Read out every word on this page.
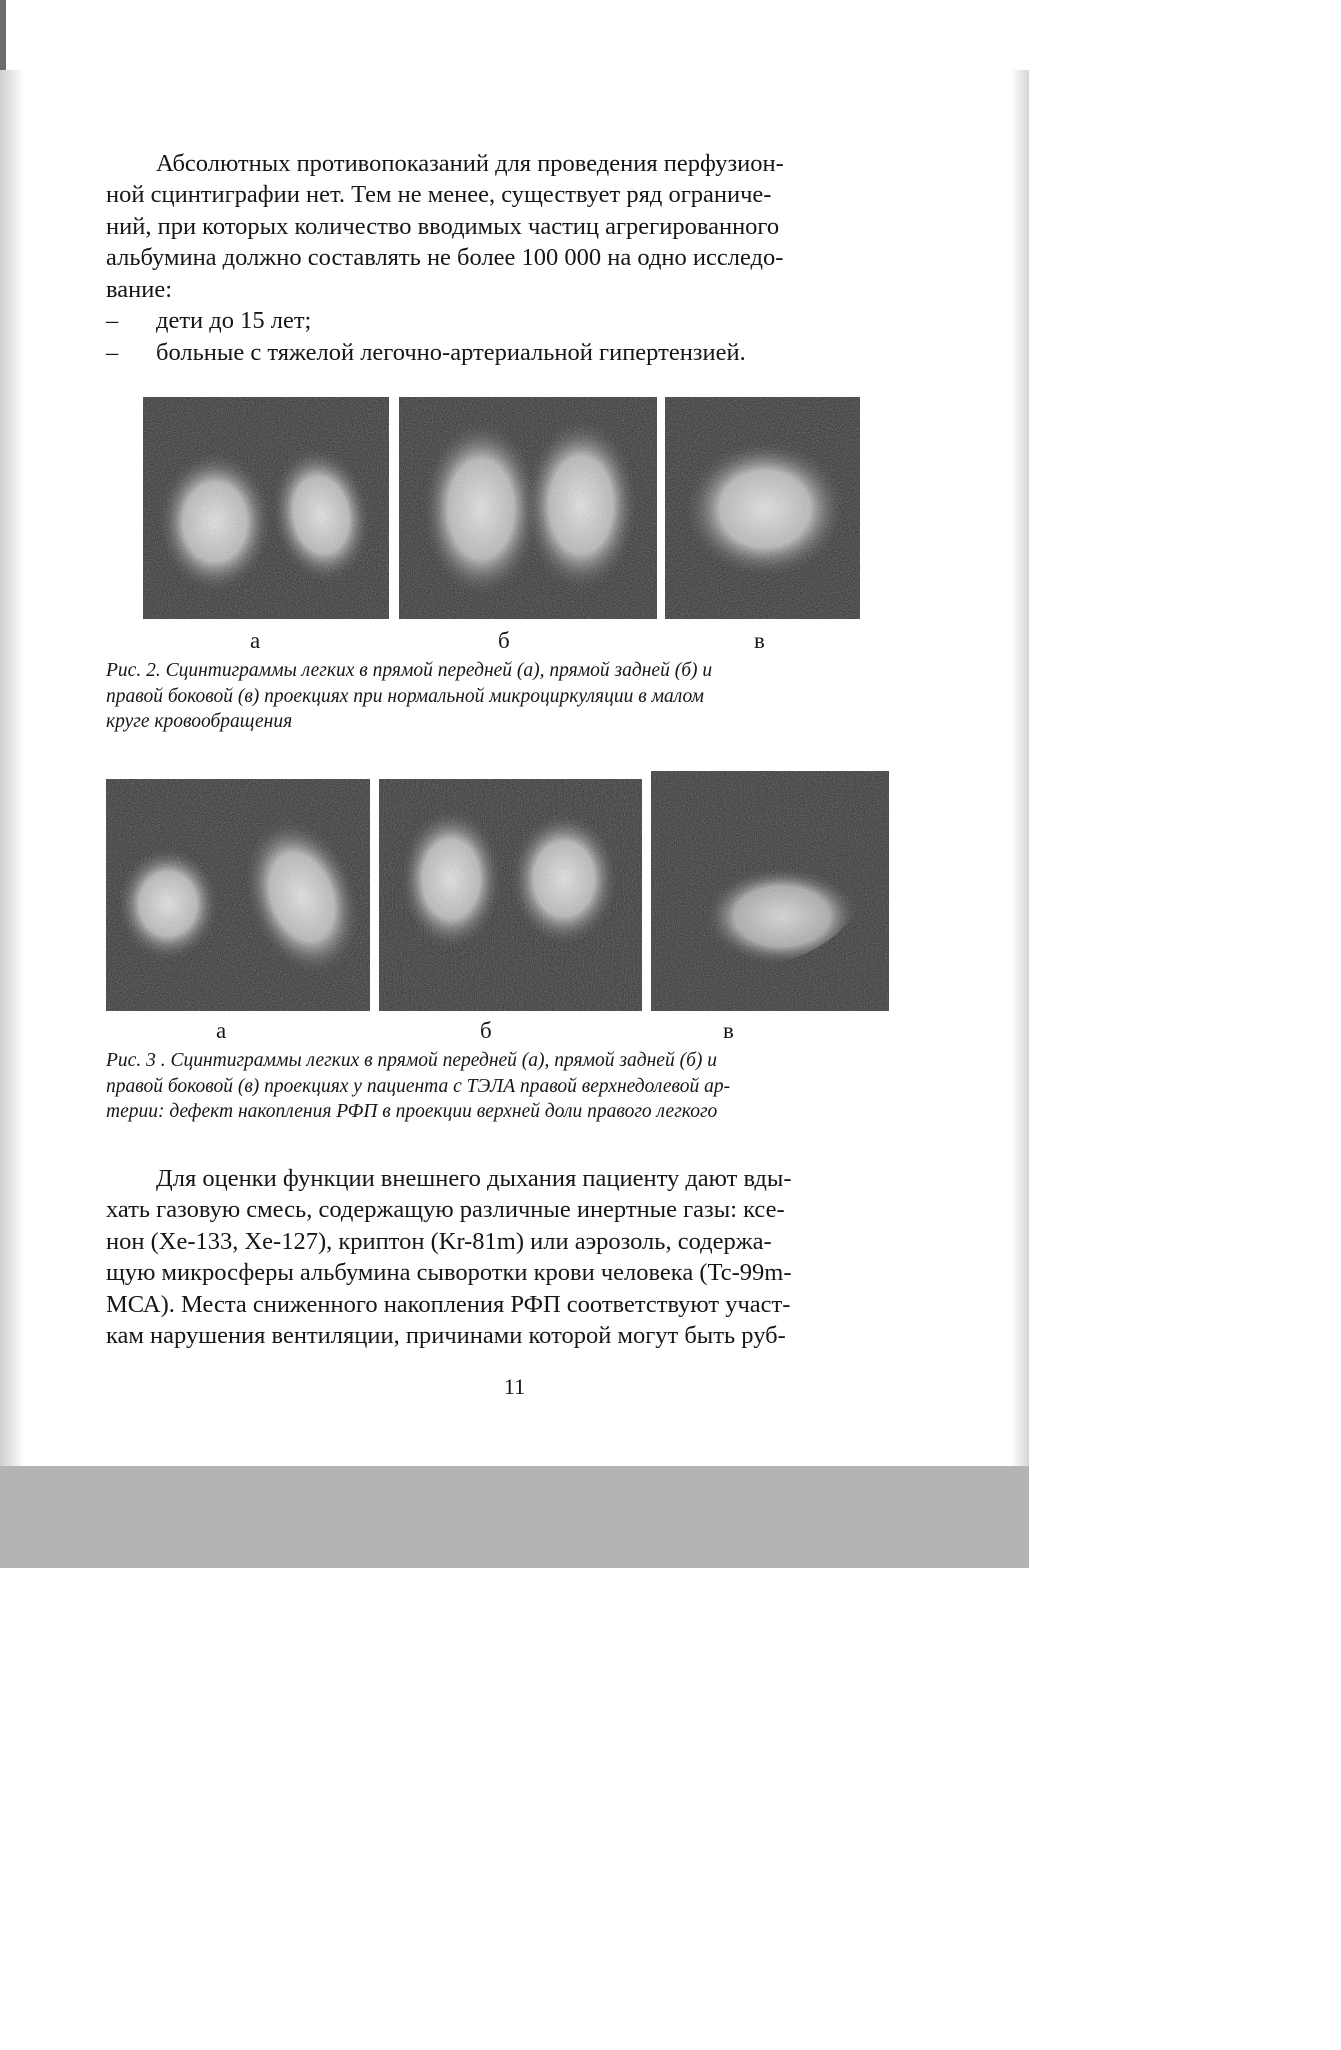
Абсолютных противопоказаний для проведения перфузион-
ной сцинтиграфии нет. Тем не менее, существует ряд ограниче-
ний, при которых количество вводимых частиц агрегированного
альбумина должно составлять не более 100 000 на одно исследо-
вание:

– дети до 15 лет;
– больные с тяжелой легочно-артериальной гипертензией.
а	б	в

Рис. 2. Сцинтиграммы легких в прямой передней (а), прямой задней (б) и
правой боковой (в) проекциях при нормальной микроциркуляции в малом
круге кровообращения

а	б	в

Рис. 3 . Сцинтиграммы легких в прямой передней (а), прямой задней (б) и
правой боковой (в) проекциях у пациента с ТЭЛА правой верхнедолевой ар-
терии: дефект накопления РФП в проекции верхней доли правого легкого

Для оценки функции внешнего дыхания пациенту дают вды-
хать газовую смесь, содержащую различные инертные газы: ксе-
нон (Xe-133, Xe-127), криптон (Kr-81m) или аэрозоль, содержа-
щую микросферы альбумина сыворотки крови человека (Tc-99m-
МСА). Места сниженного накопления РФП соответствуют участ-
кам нарушения вентиляции, причинами которой могут быть руб-

11
